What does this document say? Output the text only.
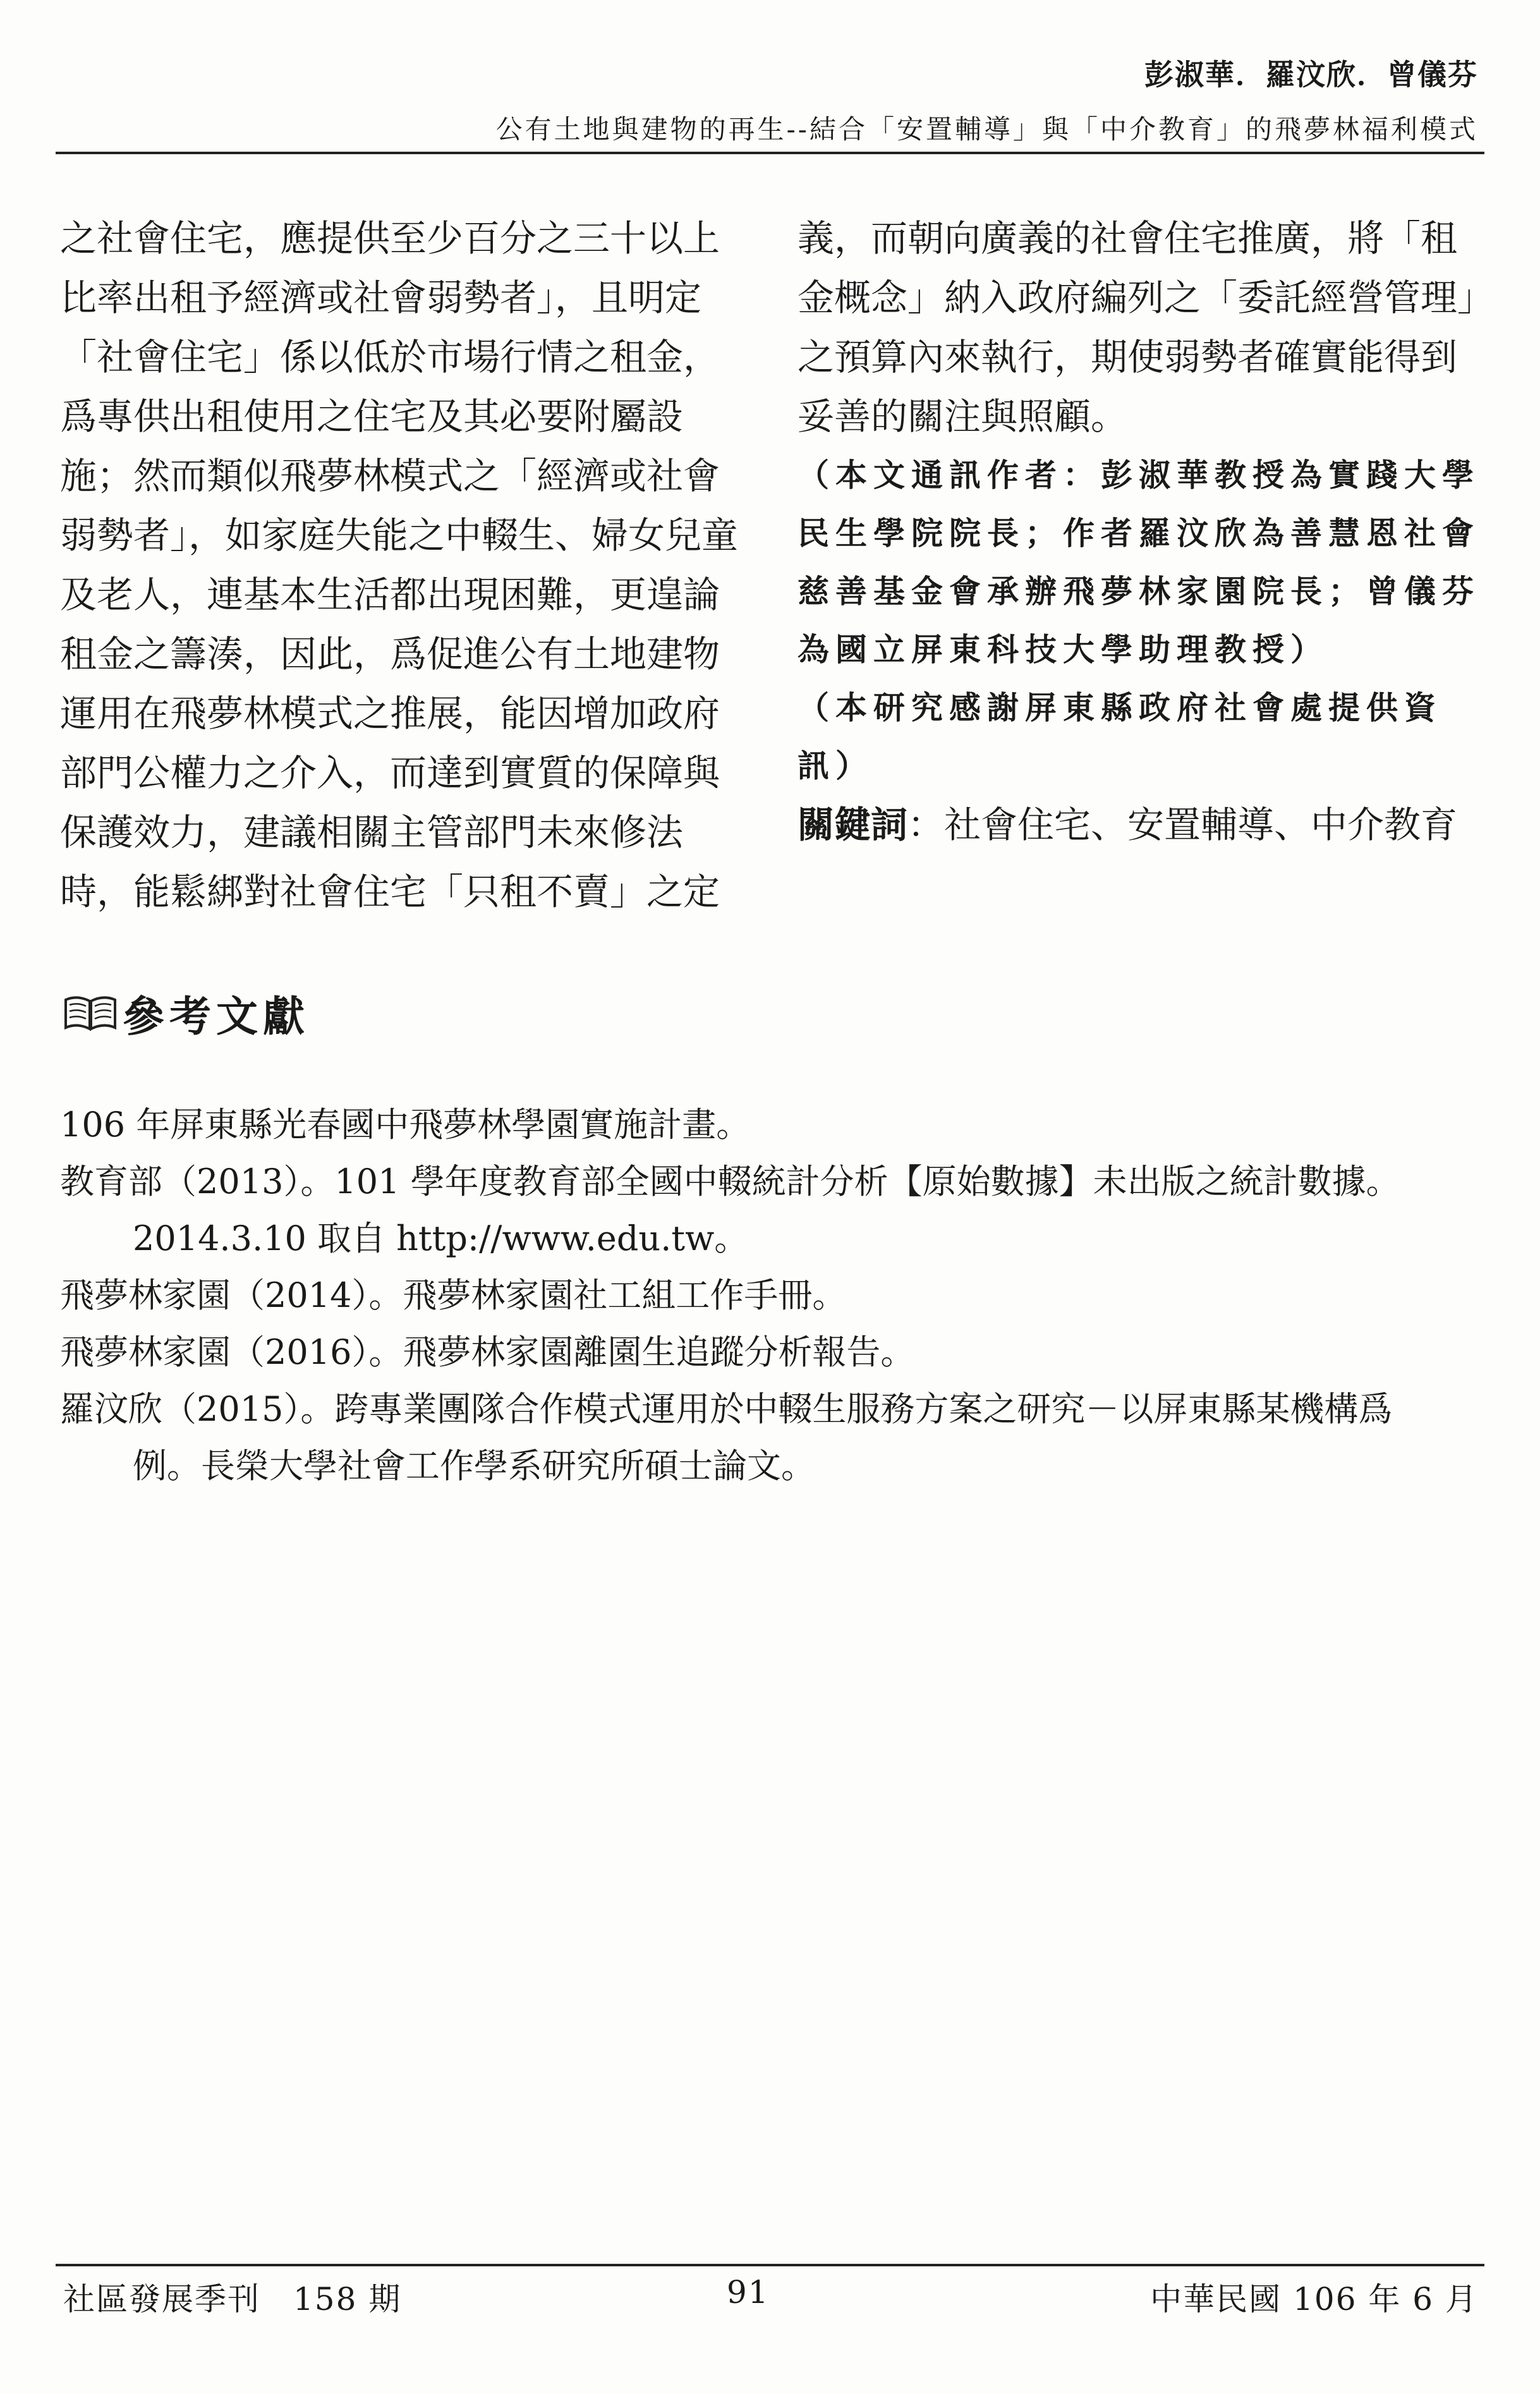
彭淑華．羅汶欣．曾儀芬
公有土地與建物的再生--結合「安置輔導」與「中介教育」的飛夢林福利模式
之社會住宅，應提供至少百分之三十以上
比率出租予經濟或社會弱勢者」，且明定
「社會住宅」係以低於市場行情之租金，
爲專供出租使用之住宅及其必要附屬設
施；然而類似飛夢林模式之「經濟或社會
弱勢者」，如家庭失能之中輟生、婦女兒童
及老人，連基本生活都出現困難，更遑論
租金之籌湊，因此，爲促進公有土地建物
運用在飛夢林模式之推展，能因增加政府
部門公權力之介入，而達到實質的保障與
保護效力，建議相關主管部門未來修法
時，能鬆綁對社會住宅「只租不賣」之定
義，而朝向廣義的社會住宅推廣，將「租
金概念」納入政府編列之「委託經營管理」
之預算內來執行，期使弱勢者確實能得到
妥善的關注與照顧。
（本文通訊作者：彭淑華教授為實踐大學
民生學院院長；作者羅汶欣為善慧恩社會
慈善基金會承辦飛夢林家園院長；曾儀芬
為國立屏東科技大學助理教授）
（本研究感謝屏東縣政府社會處提供資
訊）
關鍵詞：社會住宅、安置輔導、中介教育
參考文獻
106 年屏東縣光春國中飛夢林學園實施計畫。
教育部（2013）。101 學年度教育部全國中輟統計分析【原始數據】未出版之統計數據。
2014.3.10 取自 http://www.edu.tw。
飛夢林家園（2014）。飛夢林家園社工組工作手冊。
飛夢林家園（2016）。飛夢林家園離園生追蹤分析報告。
羅汶欣（2015）。跨專業團隊合作模式運用於中輟生服務方案之研究－以屏東縣某機構爲
例。長榮大學社會工作學系研究所碩士論文。
社區發展季刊　158 期	91	中華民國 106 年 6 月
